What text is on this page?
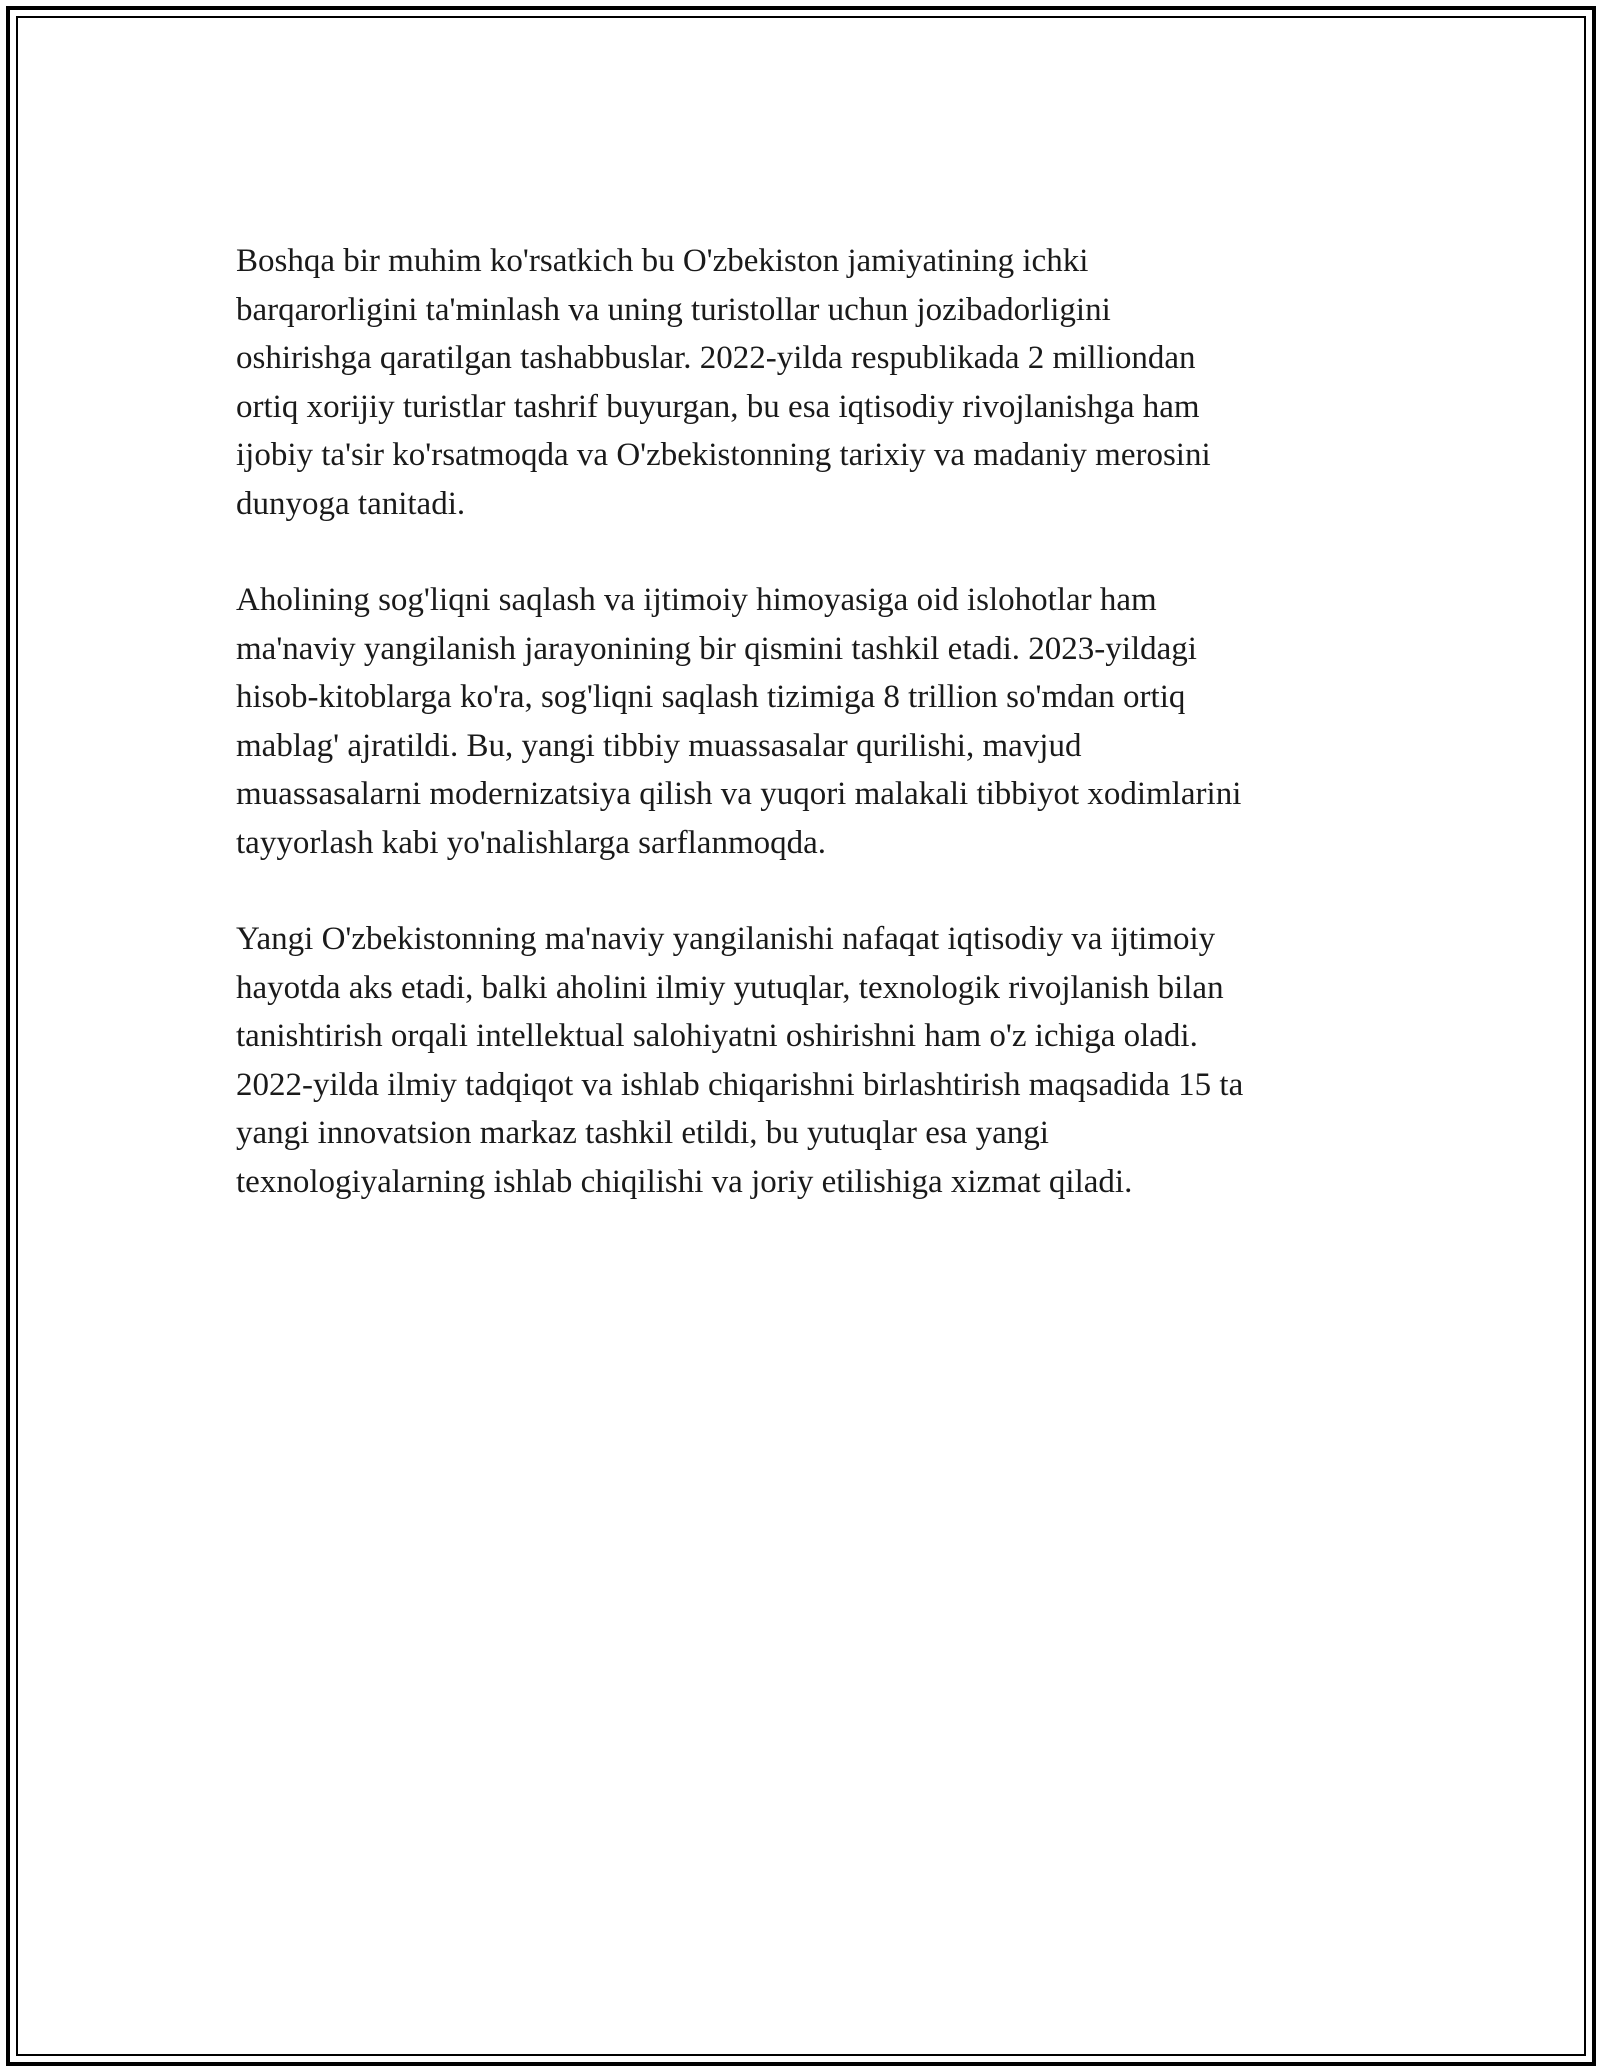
Boshqa bir muhim ko'rsatkich bu O'zbekiston jamiyatining ichki
barqarorligini ta'minlash va uning turistollar uchun jozibadorligini
oshirishga qaratilgan tashabbuslar. 2022-yilda respublikada 2 milliondan
ortiq xorijiy turistlar tashrif buyurgan, bu esa iqtisodiy rivojlanishga ham
ijobiy ta'sir ko'rsatmoqda va O'zbekistonning tarixiy va madaniy merosini
dunyoga tanitadi.

Aholining sog'liqni saqlash va ijtimoiy himoyasiga oid islohotlar ham
ma'naviy yangilanish jarayonining bir qismini tashkil etadi. 2023-yildagi
hisob-kitoblarga ko'ra, sog'liqni saqlash tizimiga 8 trillion so'mdan ortiq
mablag' ajratildi. Bu, yangi tibbiy muassasalar qurilishi, mavjud
muassasalarni modernizatsiya qilish va yuqori malakali tibbiyot xodimlarini
tayyorlash kabi yo'nalishlarga sarflanmoqda.

Yangi O'zbekistonning ma'naviy yangilanishi nafaqat iqtisodiy va ijtimoiy
hayotda aks etadi, balki aholini ilmiy yutuqlar, texnologik rivojlanish bilan
tanishtirish orqali intellektual salohiyatni oshirishni ham o'z ichiga oladi.
2022-yilda ilmiy tadqiqot va ishlab chiqarishni birlashtirish maqsadida 15 ta
yangi innovatsion markaz tashkil etildi, bu yutuqlar esa yangi
texnologiyalarning ishlab chiqilishi va joriy etilishiga xizmat qiladi.
